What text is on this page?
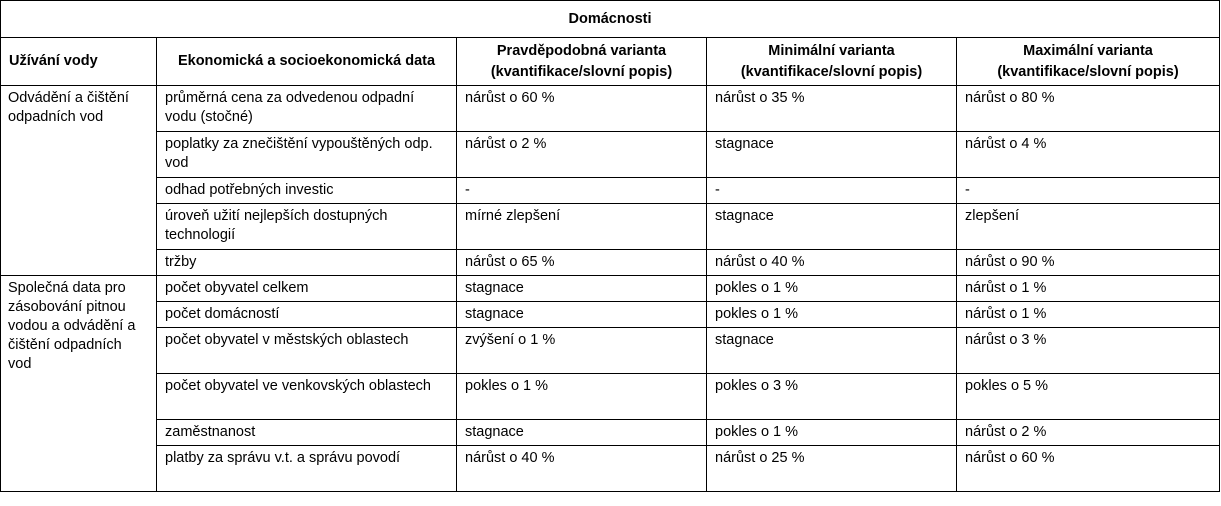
Domácnosti				
Užívání vody	Ekonomická a socioekonomická data	Pravděpodobná varianta (kvantifikace/slovní popis)	Minimální varianta (kvantifikace/slovní popis)	Maximální varianta (kvantifikace/slovní popis)
Odvádění a čištění odpadních vod	průměrná cena za odvedenou odpadní vodu (stočné)	nárůst o 60 %	nárůst o 35 %	nárůst o 80 %
	poplatky za znečištění vypouštěných odp. vod	nárůst o 2 %	stagnace	nárůst o 4 %
	odhad potřebných investic	-	-	-
	úroveň užití nejlepších dostupných technologií	mírné zlepšení	stagnace	zlepšení
	tržby	nárůst o 65 %	nárůst o 40 %	nárůst o 90 %
Společná data pro zásobování pitnou vodou a odvádění a čištění odpadních vod	počet obyvatel celkem	stagnace	pokles o 1 %	nárůst o 1 %
	počet domácností	stagnace	pokles o 1 %	nárůst o 1 %
	počet obyvatel v městských oblastech	zvýšení o 1 %	stagnace	nárůst o 3 %
	počet obyvatel ve venkovských oblastech	pokles o 1 %	pokles o 3 %	pokles o 5 %
	zaměstnanost	stagnace	pokles o 1 %	nárůst o 2 %
	platby za správu v.t. a správu povodí	nárůst o 40 %	nárůst o 25 %	nárůst o 60 %
